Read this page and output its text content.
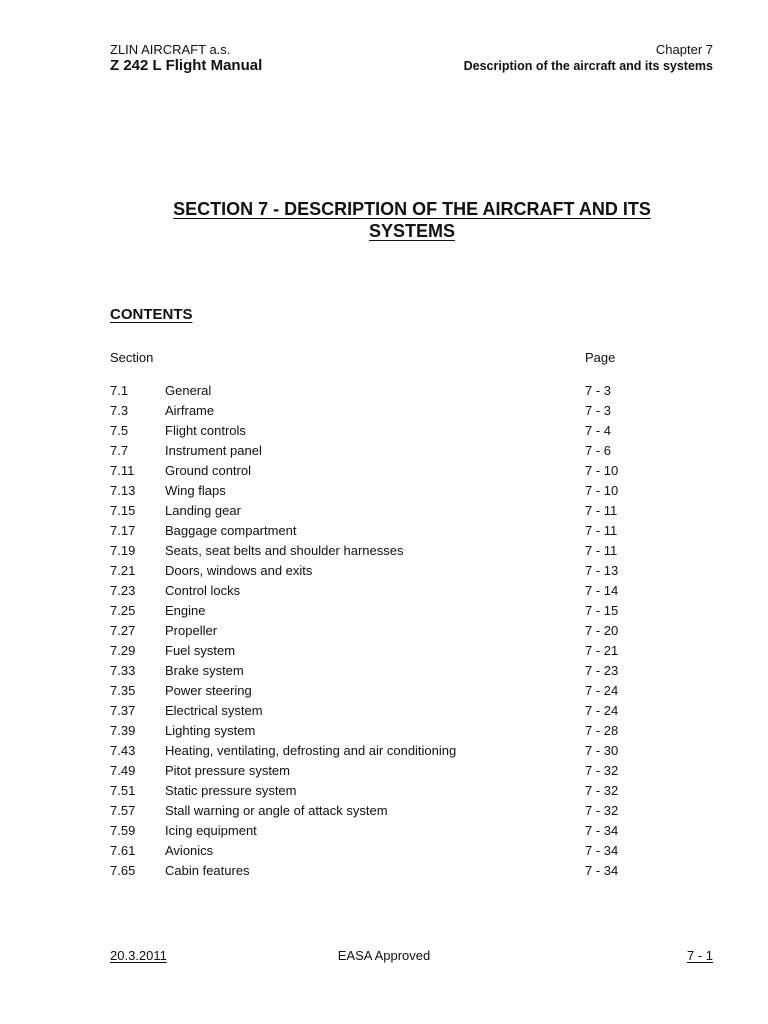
ZLIN AIRCRAFT a.s.
Z 242 L Flight Manual
Chapter 7
Description of the aircraft and its systems
SECTION 7 - DESCRIPTION OF THE AIRCRAFT AND ITS
SYSTEMS
CONTENTS
Section	Page
7.1	General	7 - 3
7.3	Airframe	7 - 3
7.5	Flight controls	7 - 4
7.7	Instrument panel	7 - 6
7.11 Ground control	7 - 10
7.13 Wing flaps	7 - 10
7.15 Landing gear	7 - 11
7.17 Baggage compartment	7 - 11
7.19 Seats, seat belts and shoulder harnesses	7 - 11
7.21 Doors, windows and exits	7 - 13
7.23 Control locks	7 - 14
7.25 Engine	7 - 15
7.27 Propeller	7 - 20
7.29 Fuel system	7 - 21
7.33 Brake system	7 - 23
7.35 Power steering	7 - 24
7.37 Electrical system	7 - 24
7.39 Lighting system	7 - 28
7.43 Heating, ventilating, defrosting and air conditioning	7 - 30
7.49 Pitot pressure system	7 - 32
7.51 Static pressure system	7 - 32
7.57 Stall warning or angle of attack system	7 - 32
7.59 Icing equipment	7 - 34
7.61 Avionics	7 - 34
7.65 Cabin features	7 - 34
20.3.2011	EASA Approved	7 - 1
